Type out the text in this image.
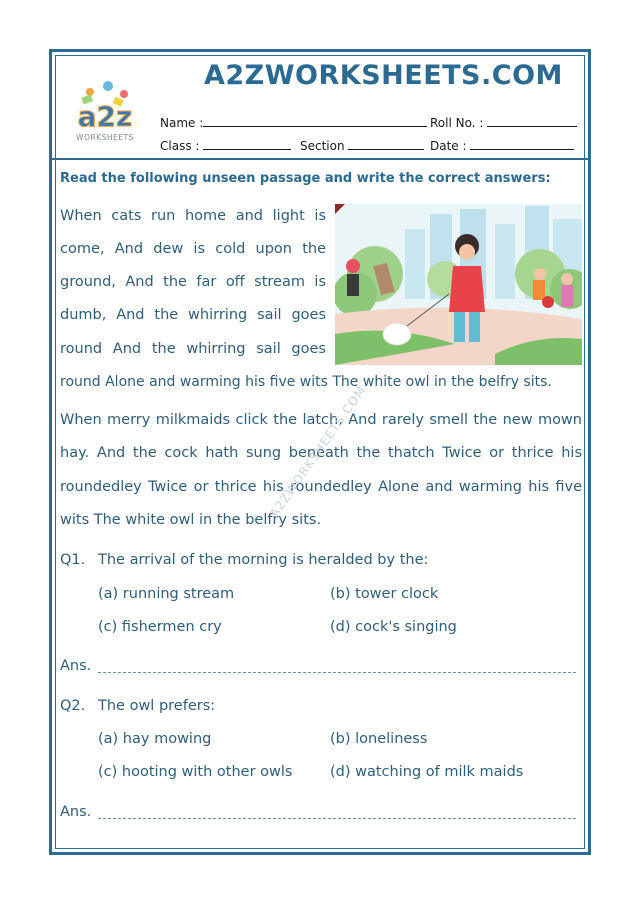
a2z
WORKSHEETS
A2ZWORKSHEETS.COM
Name :	Roll No. :
Class :	Section	Date :
Read the following unseen passage and write the correct answers:
When cats run home and light is
come, And dew is cold upon the
ground, And the far off stream is
dumb, And the whirring sail goes
round And the whirring sail goes
round Alone and warming his five wits The white owl in the belfry sits.
When merry milkmaids click the latch, And rarely smell the new mown
hay. And the cock hath sung beneath the thatch Twice or thrice his
roundedley Twice or thrice his roundedley Alone and warming his five
wits The white owl in the belfry sits.
A2ZWORKSHEETS.COM
Q1. The arrival of the morning is heralded by the:
(a) running stream	(b) tower clock
(c) fishermen cry	(d) cock's singing
Ans.
Q2. The owl prefers:
(a) hay mowing	(b) loneliness
(c) hooting with other owls	(d) watching of milk maids
Ans.
